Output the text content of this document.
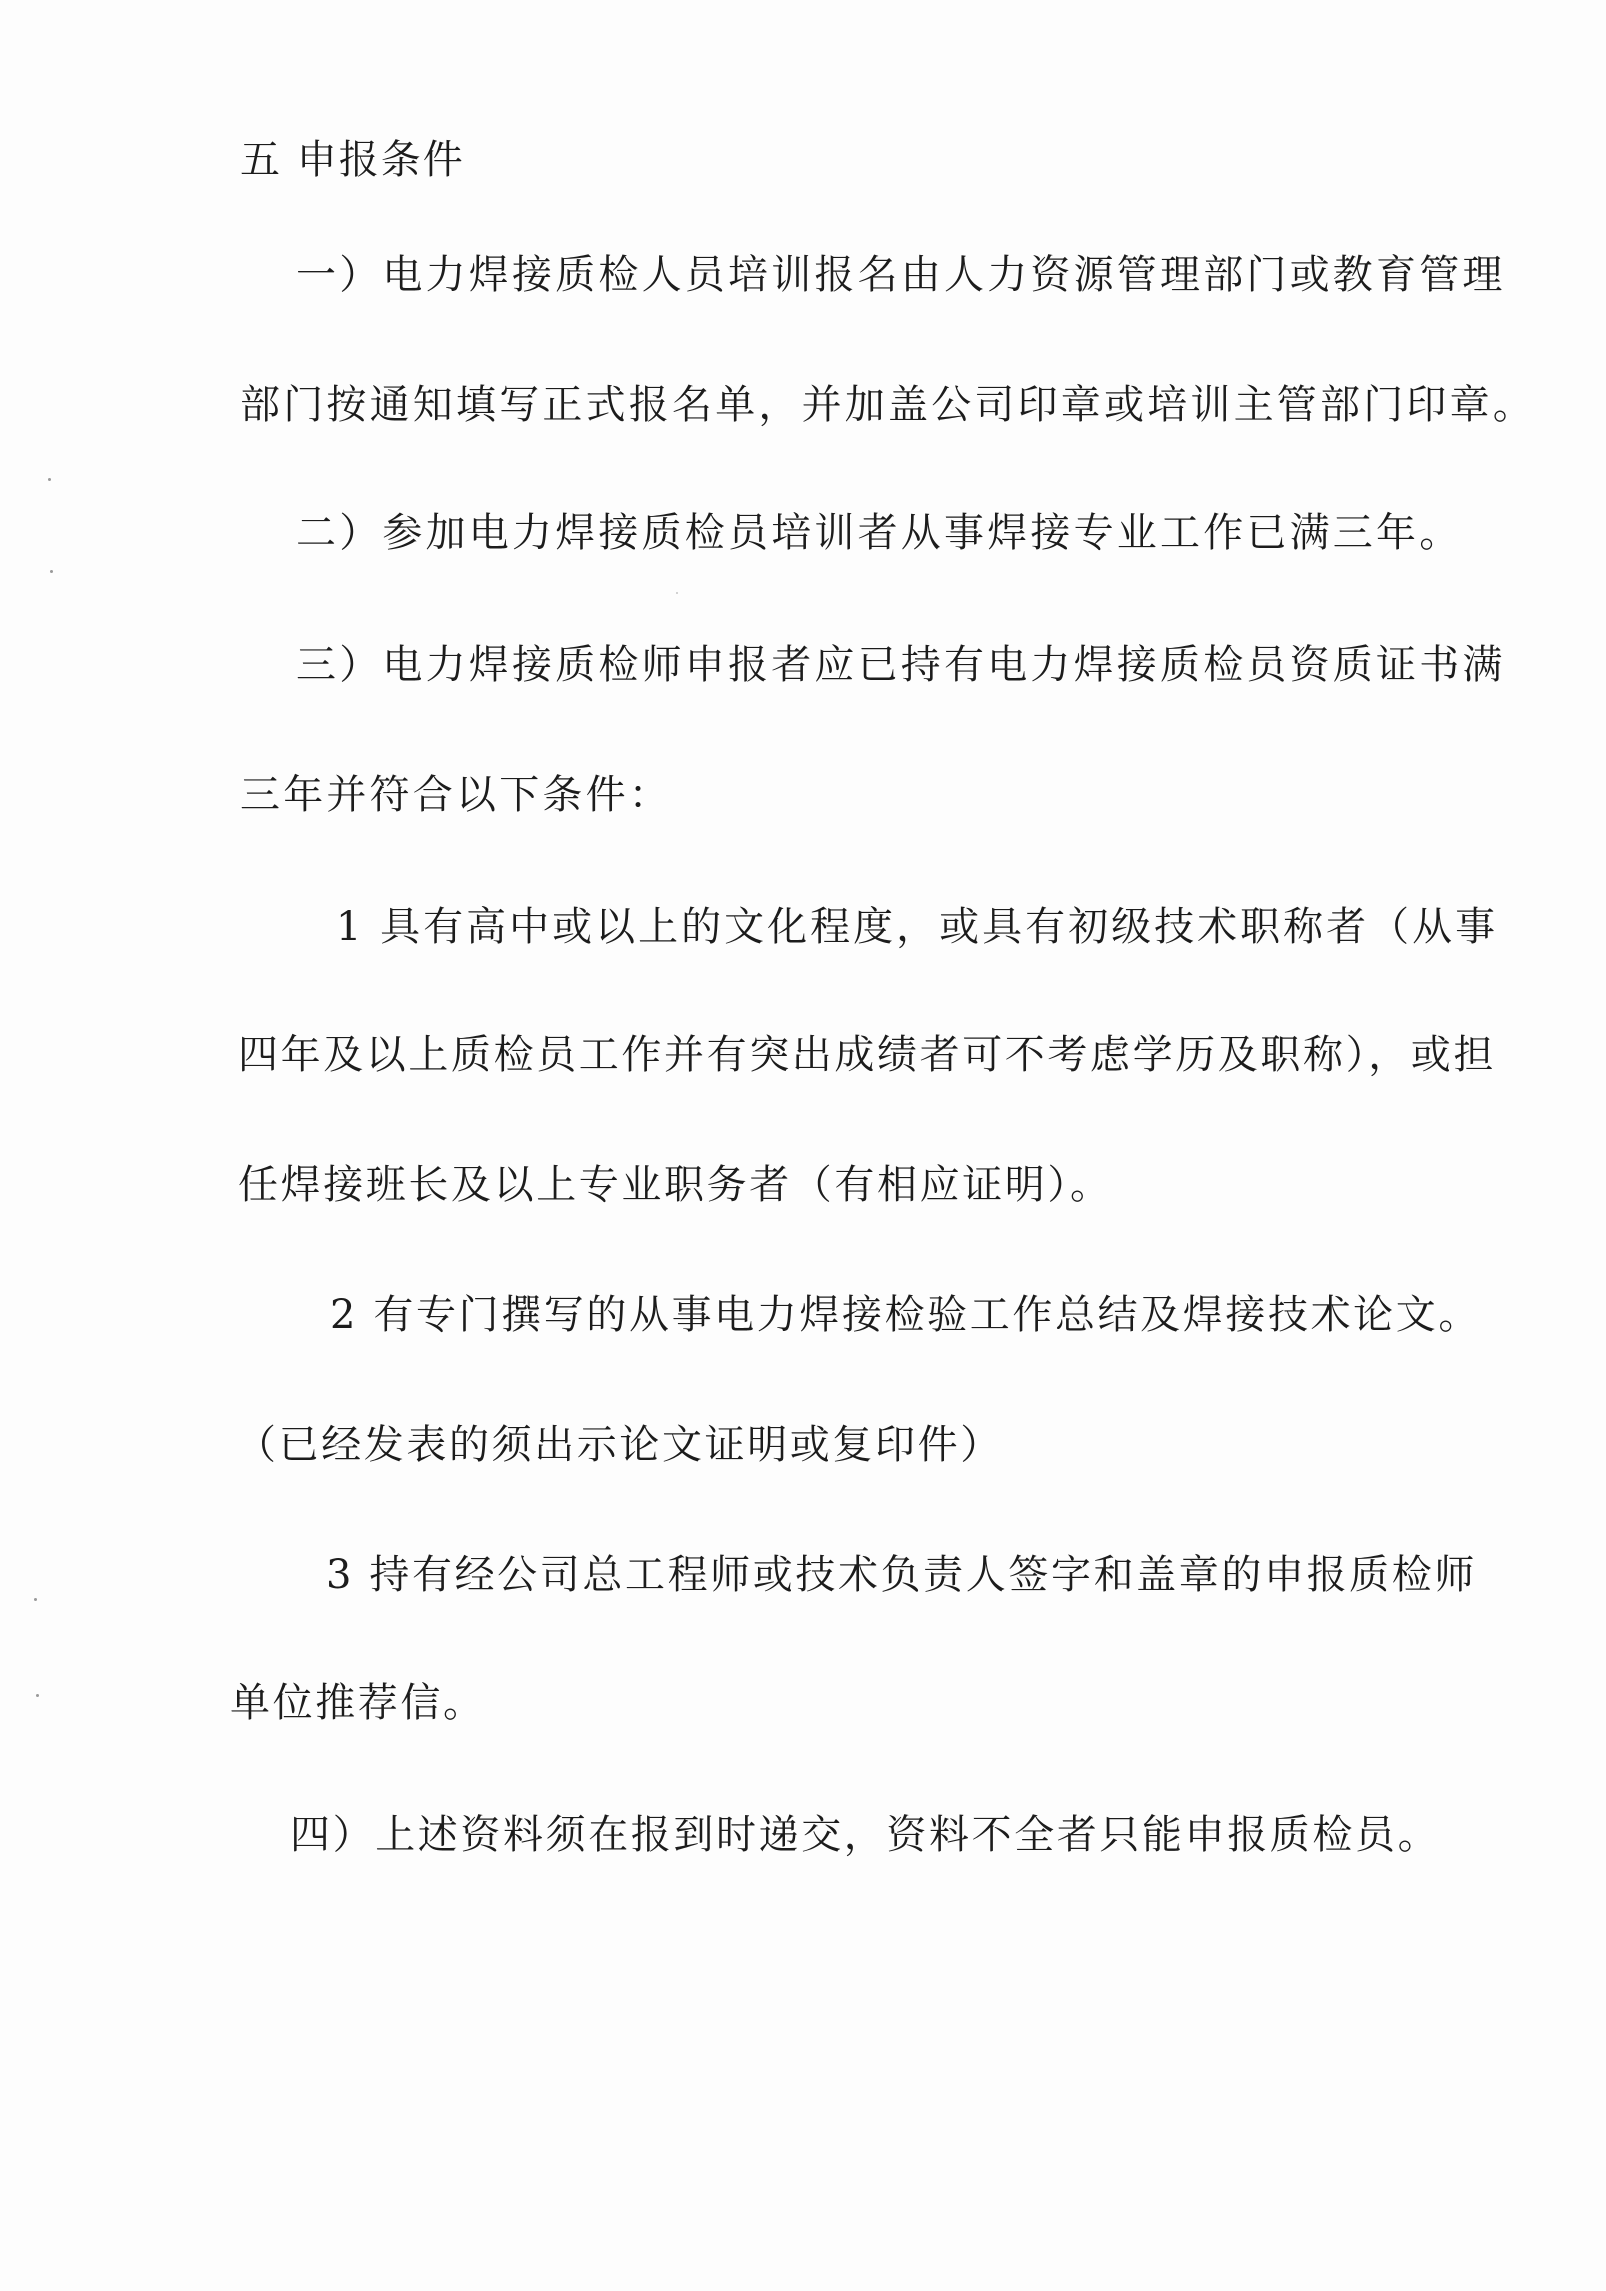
五 申报条件
一）电力焊接质检人员培训报名由人力资源管理部门或教育管理
部门按通知填写正式报名单，并加盖公司印章或培训主管部门印章。
二）参加电力焊接质检员培训者从事焊接专业工作已满三年。
三）电力焊接质检师申报者应已持有电力焊接质检员资质证书满
三年并符合以下条件：
1 具有高中或以上的文化程度，或具有初级技术职称者（从事
四年及以上质检员工作并有突出成绩者可不考虑学历及职称），或担
任焊接班长及以上专业职务者（有相应证明）。
2 有专门撰写的从事电力焊接检验工作总结及焊接技术论文。
（已经发表的须出示论文证明或复印件）
3 持有经公司总工程师或技术负责人签字和盖章的申报质检师
单位推荐信。
四）上述资料须在报到时递交，资料不全者只能申报质检员。
